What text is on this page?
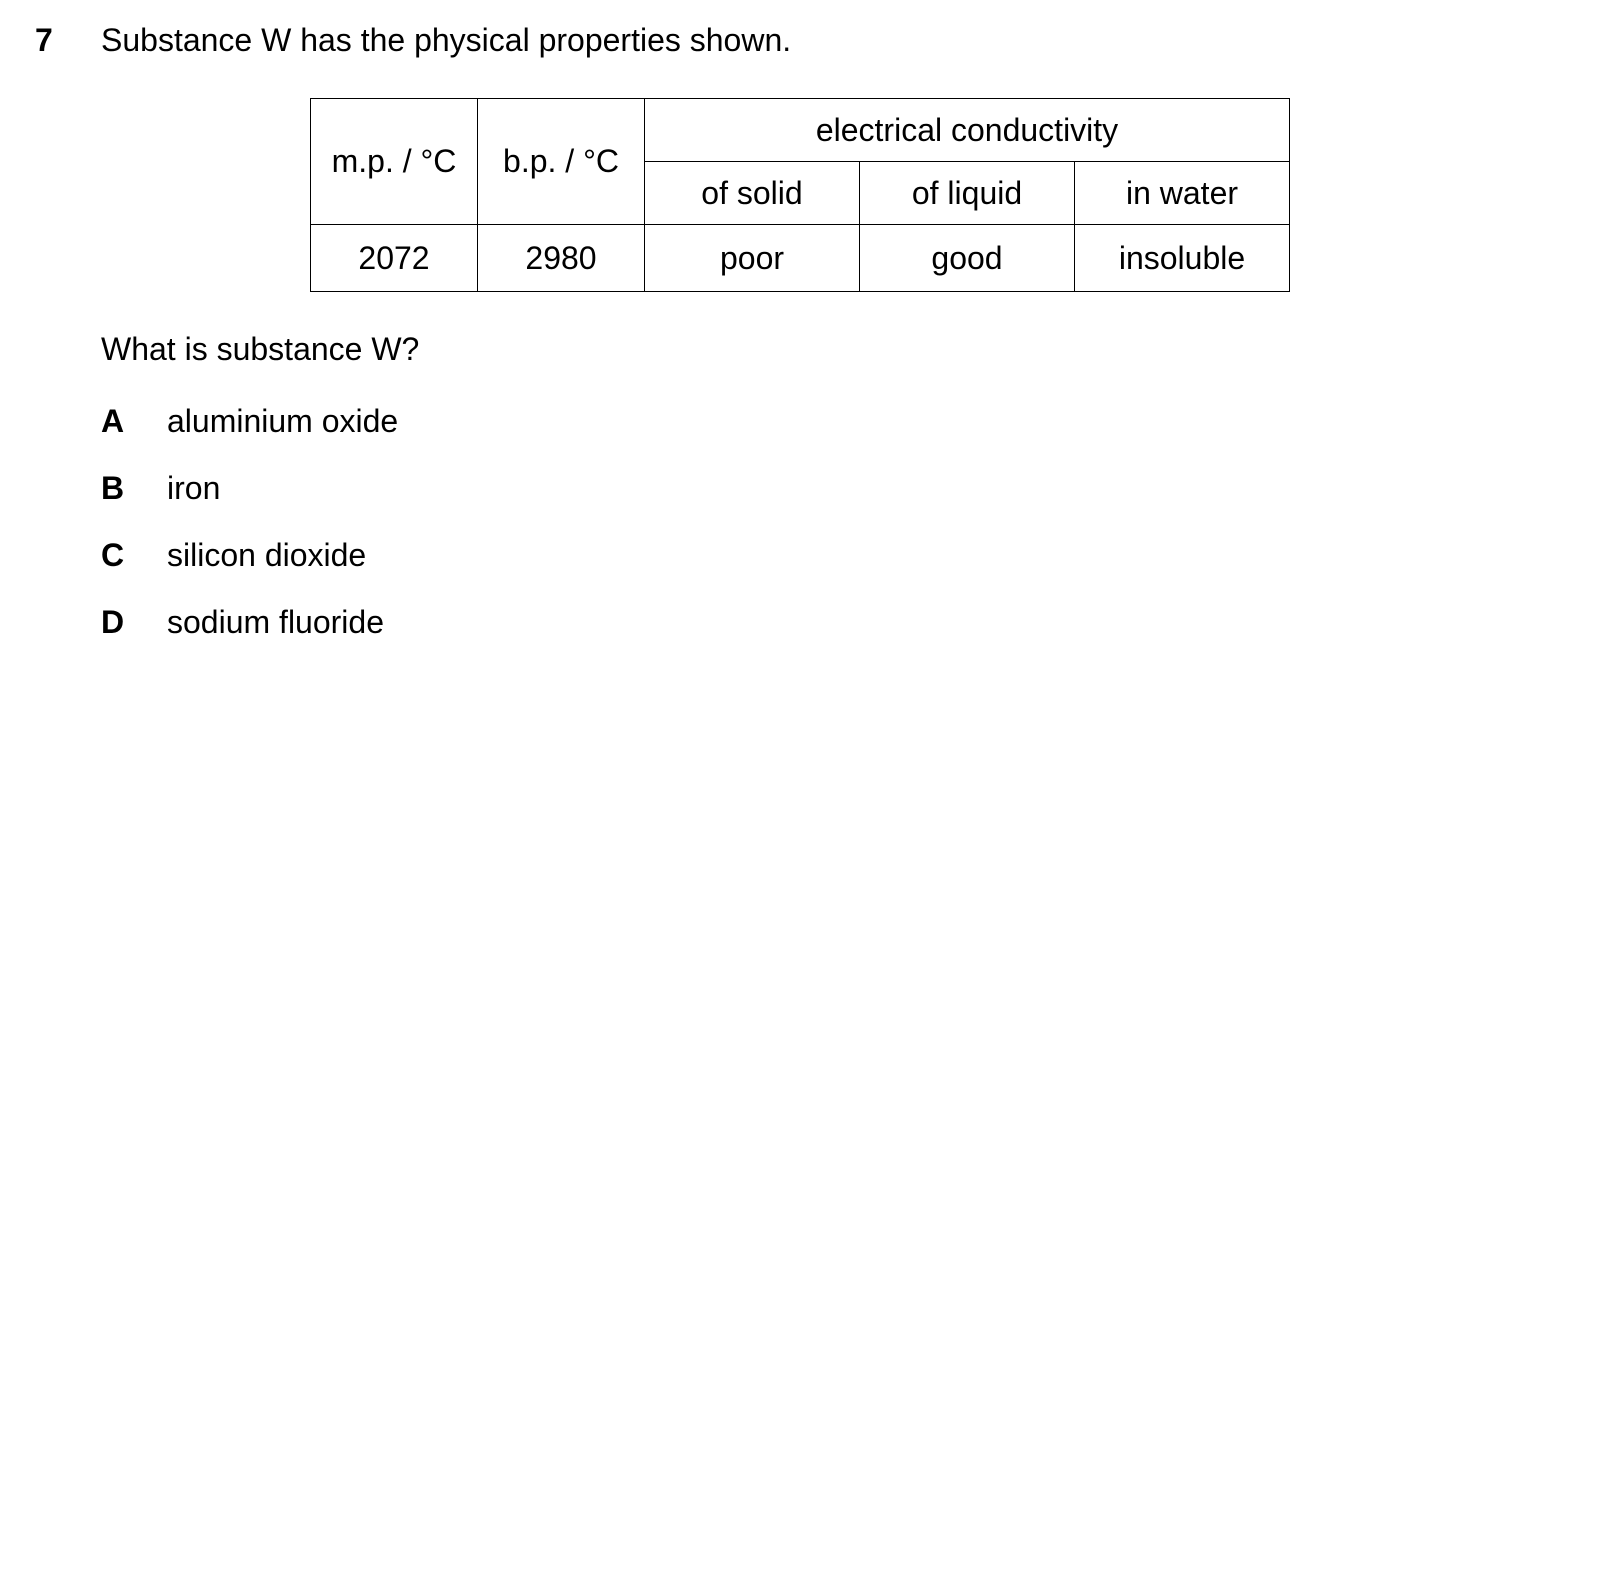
7 Substance W has the physical properties shown.
m.p. / °C	b.p. / °C	electrical conductivity		
		of solid	of liquid	in water
2072	2980	poor	good	insoluble
What is substance W?
A aluminium oxide
B iron
C silicon dioxide
D sodium fluoride
